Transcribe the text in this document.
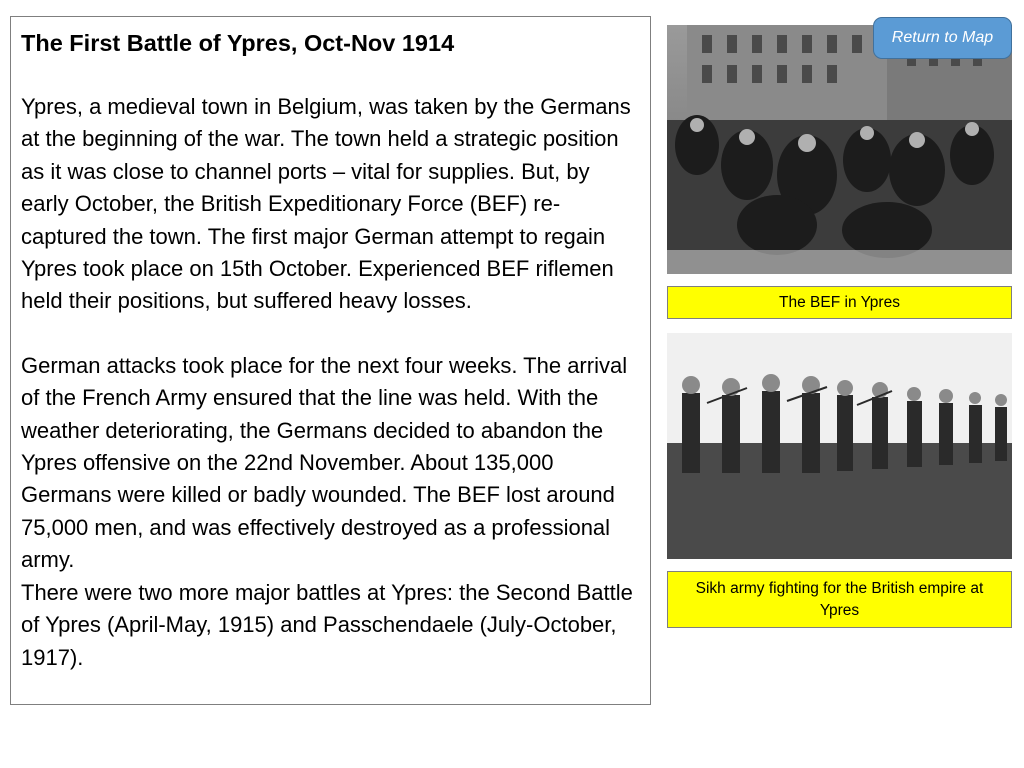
The First Battle of Ypres, Oct-Nov 1914

Ypres, a medieval town in Belgium, was taken by the Germans at the beginning of the war. The town held a strategic position as it was close to channel ports – vital for supplies. But, by early October, the British Expeditionary Force (BEF) re-captured the town. The first major German attempt to regain Ypres took place on 15th October. Experienced BEF riflemen held their positions, but suffered heavy losses.

German attacks took place for the next four weeks. The arrival of the French Army ensured that the line was held. With the weather deteriorating, the Germans decided to abandon the Ypres offensive on the 22nd November. About 135,000 Germans were killed or badly wounded. The BEF lost around 75,000 men, and was effectively destroyed as a professional army.

There were two more major battles at Ypres: the Second Battle of Ypres (April-May, 1915) and Passchendaele (July-October, 1917).

The BEF in Ypres
Sikh army fighting for the British empire at Ypres
Return to Map
